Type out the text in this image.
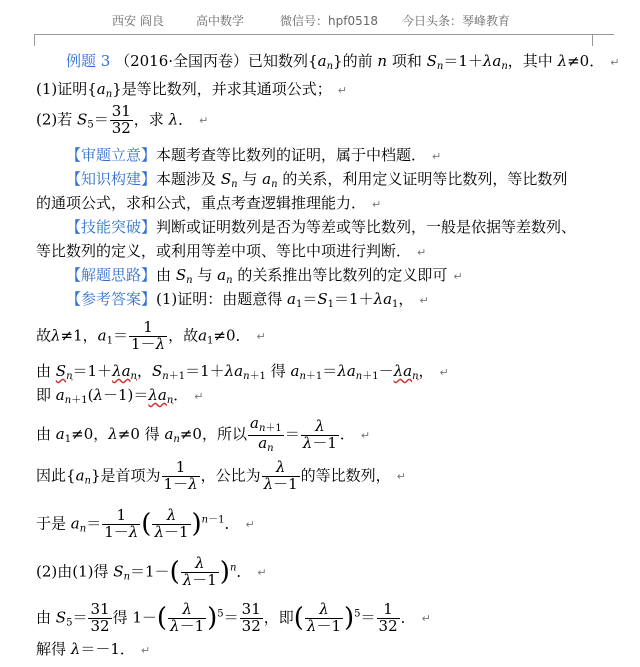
西安 阎良	高中数学	微信号：hpf0518 今日头条：琴峰教育
例题 3 （2016·全国丙卷）已知数列$\{a_n\}$的前 n 项和 $S_n=1+\lambda a_n$，其中 λ≠0． ↵
(1)证明$\{a_n\}$是等比数列，并求其通项公式； ↵
(2)若 $S_5= \frac{31}{32}$ ，求 λ． ↵
【审题立意】本题考查等比数列的证明，属于中档题． ↵
【知识构建】本题涉及 $S_n$ 与 $a_n$ 的关系，利用定义证明等比数列，等比数列
的通项公式，求和公式，重点考查逻辑推理能力． ↵
【技能突破】判断或证明数列是否为等差或等比数列，一般是依据等差数列、
等比数列的定义，或利用等差中项、等比中项进行判断． ↵
【解题思路】由 $S_n$ 与 $a_n$ 的关系推出等比数列的定义即可 ↵
【参考答案】(1)证明：由题意得 $a_1=S_1=1+\lambda a_1$， ↵
故λ≠1，$a_1= \frac{1}{1-\lambda}$ ，故$a_1\ne 0$． ↵
由 $S_n=1+\lambda a_n$，$S_{n+1}=1+\lambda a_{n+1}$ 得 $a_{n+1}=\lambda a_{n+1}-\lambda a_n$， ↵
即 $a_{n+1}(\lambda-1)=\lambda a_n$． ↵
由 $a_1\ne 0$，λ≠0 得 $a_n\ne 0$，所以 $\frac{a_{n+1}}{a_n} = \frac{\lambda}{\lambda-1}$ ． ↵
因此$\{a_n\}$是首项为 $\frac{1}{1-\lambda}$ ，公比为 $\frac{\lambda}{\lambda-1}$ 的等比数列， ↵
于是 $a_n= \frac{1}{1-\lambda}$ ( $\frac{\lambda}{\lambda-1} )^{n-1}$． ↵
(2)由(1)得 $S_n=1-( \frac{\lambda}{\lambda-1} )^n$． ↵
由 $S_5= \frac{31}{32}$ 得 $1-( \frac{\lambda}{\lambda-1} )^5= \frac{31}{32}$ ，即( $\frac{\lambda}{\lambda-1} )^5= \frac{1}{32}$ ． ↵
解得 λ＝－1． ↵
